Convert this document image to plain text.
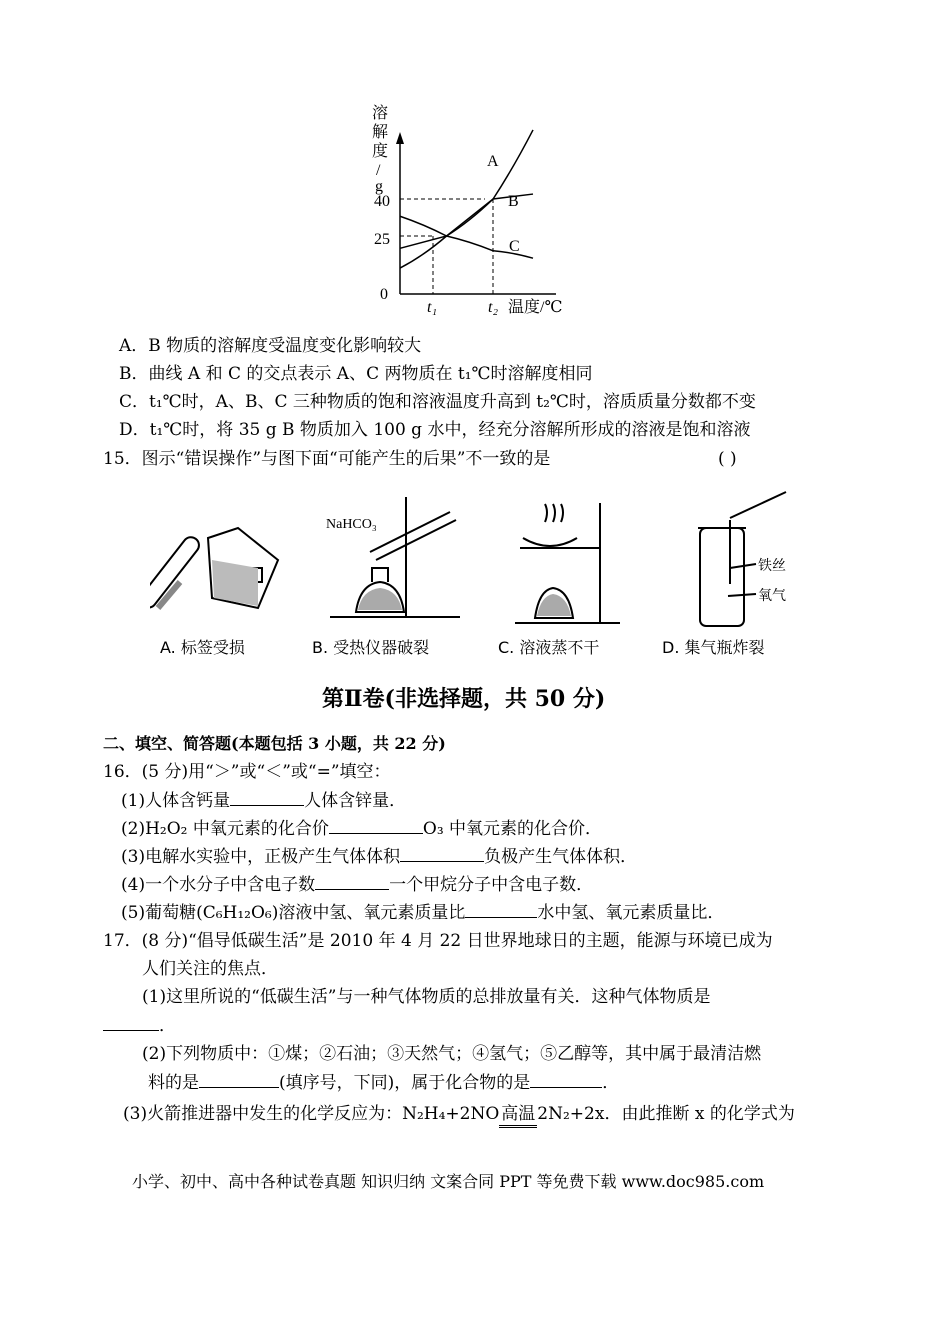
溶
解
度
/
g
40
25
0
t₁	t₂ 温度/℃
A
B
C
A．B 物质的溶解度受温度变化影响较大
B．曲线 A 和 C 的交点表示 A、C 两物质在 t₁℃时溶解度相同
C．t₁℃时，A、B、C 三种物质的饱和溶液温度升高到 t₂℃时，溶质质量分数都不变
D．t₁℃时，将 35 g B 物质加入 100 g 水中，经充分溶解所形成的溶液是饱和溶液
15．图示“错误操作”与图下面“可能产生的后果”不一致的是	( )
NaHCO₃
铁丝
氧气
A. 标签受损	B. 受热仪器破裂	C. 溶液蒸不干	D. 集气瓶炸裂
第Ⅱ卷(非选择题，共 50 分)
二、填空、简答题(本题包括 3 小题，共 22 分)
16．(5 分)用“＞”或“＜”或“=”填空：
(1)人体含钙量	人体含锌量．
(2)H₂O₂ 中氧元素的化合价	O₃ 中氧元素的化合价．
(3)电解水实验中，正极产生气体体积	负极产生气体体积．
(4)一个水分子中含电子数	一个甲烷分子中含电子数．
(5)葡萄糖(C₆H₁₂O₆)溶液中氢、氧元素质量比	水中氢、氧元素质量比．
17．(8 分)“倡导低碳生活”是 2010 年 4 月 22 日世界地球日的主题，能源与环境已成为
人们关注的焦点．
(1)这里所说的“低碳生活”与一种气体物质的总排放量有关．这种气体物质是
．
(2)下列物质中：①煤；②石油；③天然气；④氢气；⑤乙醇等，其中属于最清洁燃
料的是	(填序号，下同)，属于化合物的是	．
(3)火箭推进器中发生的化学反应为：N₂H₄+2NO 高温 2N₂+2x．由此推断 x 的化学式为
小学、初中、高中各种试卷真题 知识归纳 文案合同 PPT 等免费下载 www.doc985.com
